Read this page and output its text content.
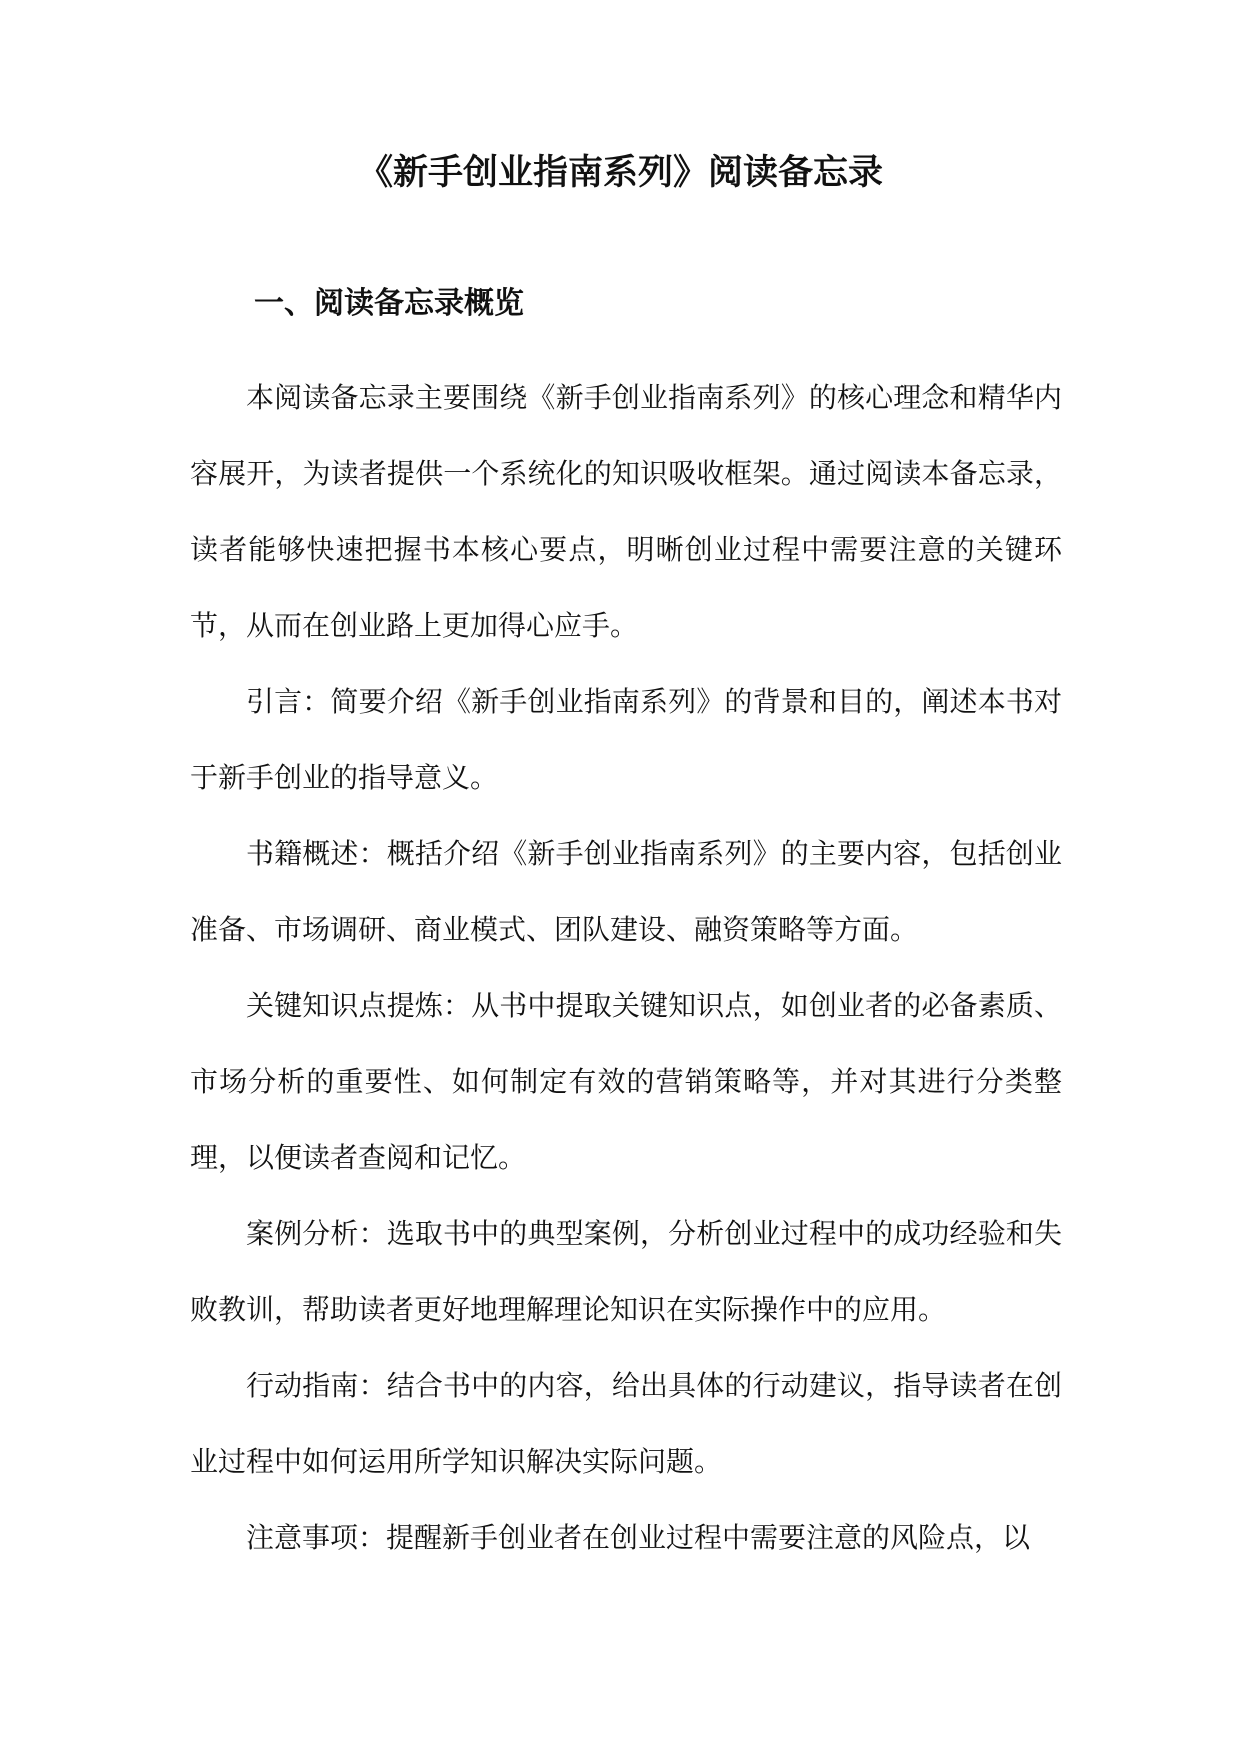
《新手创业指南系列》阅读备忘录
一、阅读备忘录概览

本阅读备忘录主要围绕《新手创业指南系列》的核心理念和精华内容展开，为读者提供一个系统化的知识吸收框架。通过阅读本备忘录，读者能够快速把握书本核心要点，明晰创业过程中需要注意的关键环节，从而在创业路上更加得心应手。

引言：简要介绍《新手创业指南系列》的背景和目的，阐述本书对于新手创业的指导意义。

书籍概述：概括介绍《新手创业指南系列》的主要内容，包括创业准备、市场调研、商业模式、团队建设、融资策略等方面。

关键知识点提炼：从书中提取关键知识点，如创业者的必备素质、市场分析的重要性、如何制定有效的营销策略等，并对其进行分类整理，以便读者查阅和记忆。

案例分析：选取书中的典型案例，分析创业过程中的成功经验和失败教训，帮助读者更好地理解理论知识在实际操作中的应用。

行动指南：结合书中的内容，给出具体的行动建议，指导读者在创业过程中如何运用所学知识解决实际问题。

注意事项：提醒新手创业者在创业过程中需要注意的风险点，以
